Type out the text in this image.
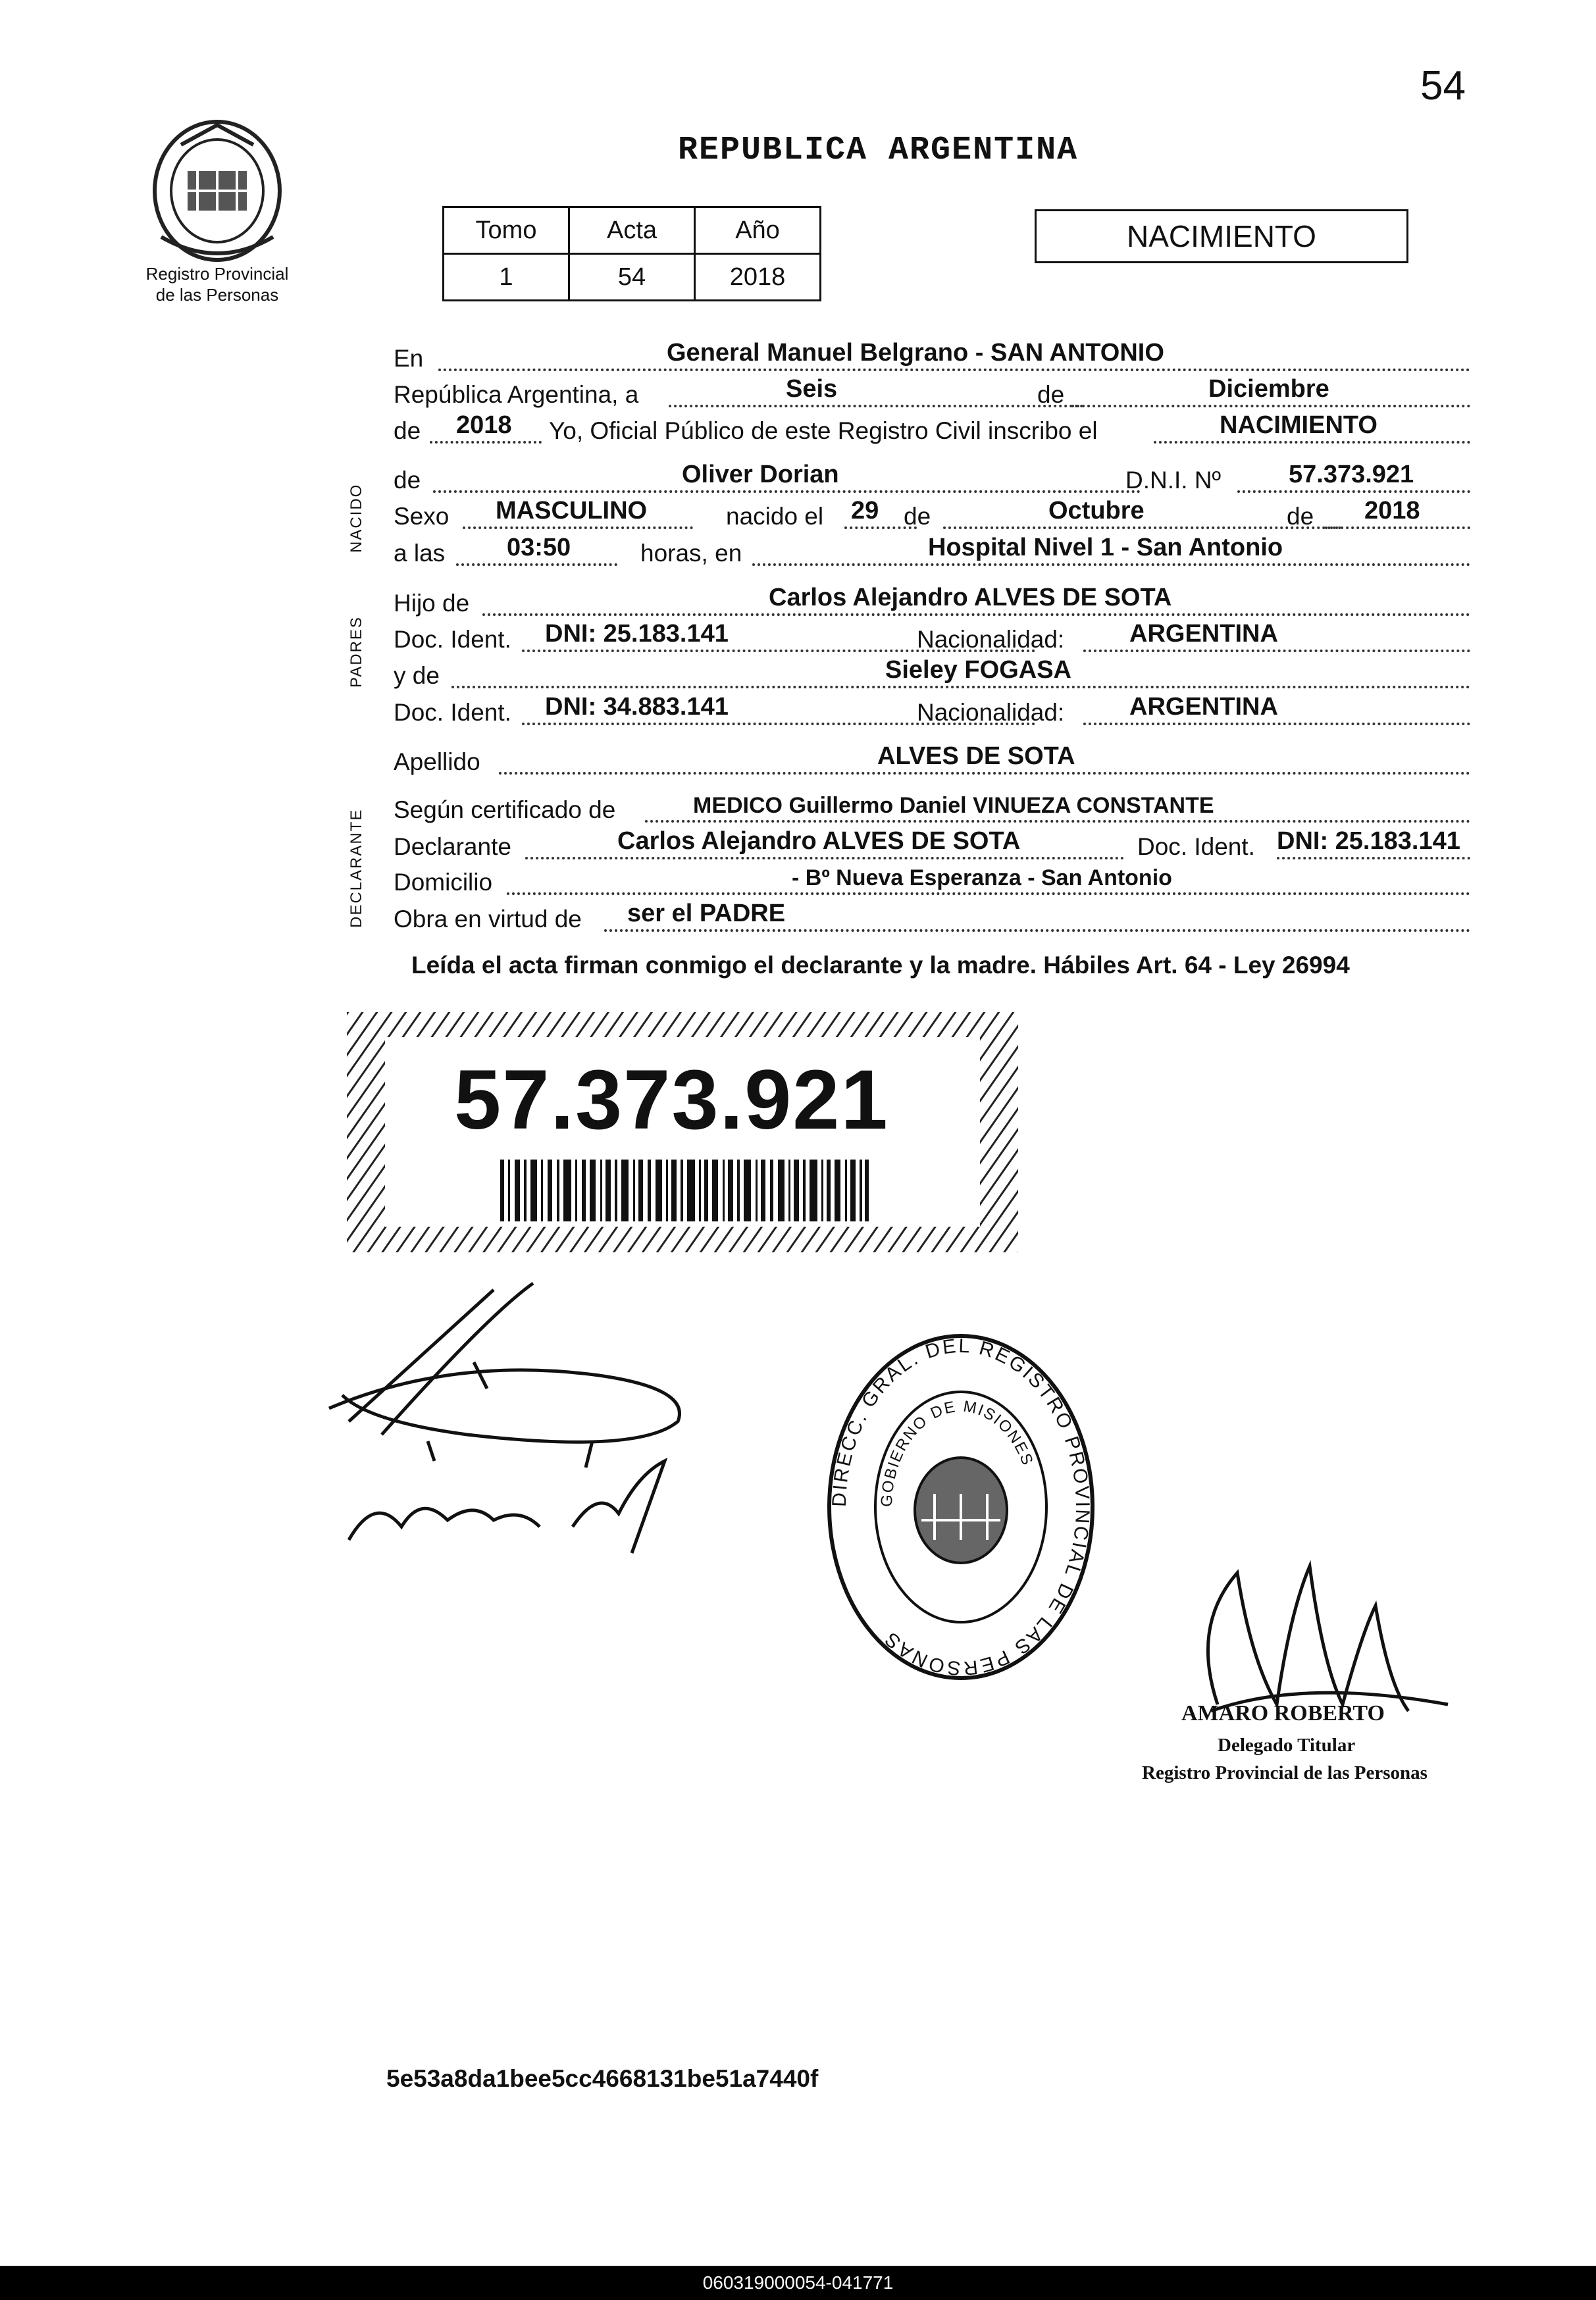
54
Registro Provincial
de las Personas
REPUBLICA ARGENTINA
Tomo	Acta	Año
1	54	2018
NACIMIENTO
NACIDO
PADRES
DECLARANTE
En	General Manuel Belgrano - SAN ANTONIO
República Argentina, a	Seis	de	Diciembre
de 2018 Yo, Oficial Público de este Registro Civil inscribo el	NACIMIENTO
de	Oliver Dorian	D.N.I. Nº	57.373.921
Sexo MASCULINO	nacido el 29 de	Octubre	de 2018
a las 03:50	horas, en	Hospital Nivel 1 - San Antonio
Hijo de	Carlos Alejandro ALVES DE SOTA
Doc. Ident. DNI: 25.183.141	Nacionalidad:	ARGENTINA
y de	Sieley FOGASA
Doc. Ident. DNI: 34.883.141	Nacionalidad:	ARGENTINA
Apellido	ALVES DE SOTA
Según certificado de	MEDICO Guillermo Daniel VINUEZA CONSTANTE
Declarante	Carlos Alejandro ALVES DE SOTA	Doc. Ident. DNI: 25.183.141
Domicilio	- Bº Nueva Esperanza - San Antonio
Obra en virtud de ser el PADRE
Leída el acta firman conmigo el declarante y la madre. Hábiles Art. 64 - Ley 26994
57.373.921
DIRECC. GRAL. DEL REGISTRO PROVINCIAL DE LAS PERSONAS
GOBIERNO DE MISIONES
AMARO ROBERTO
Delegado Titular
Registro Provincial de las Personas
5e53a8da1bee5cc4668131be51a7440f
060319000054-041771
